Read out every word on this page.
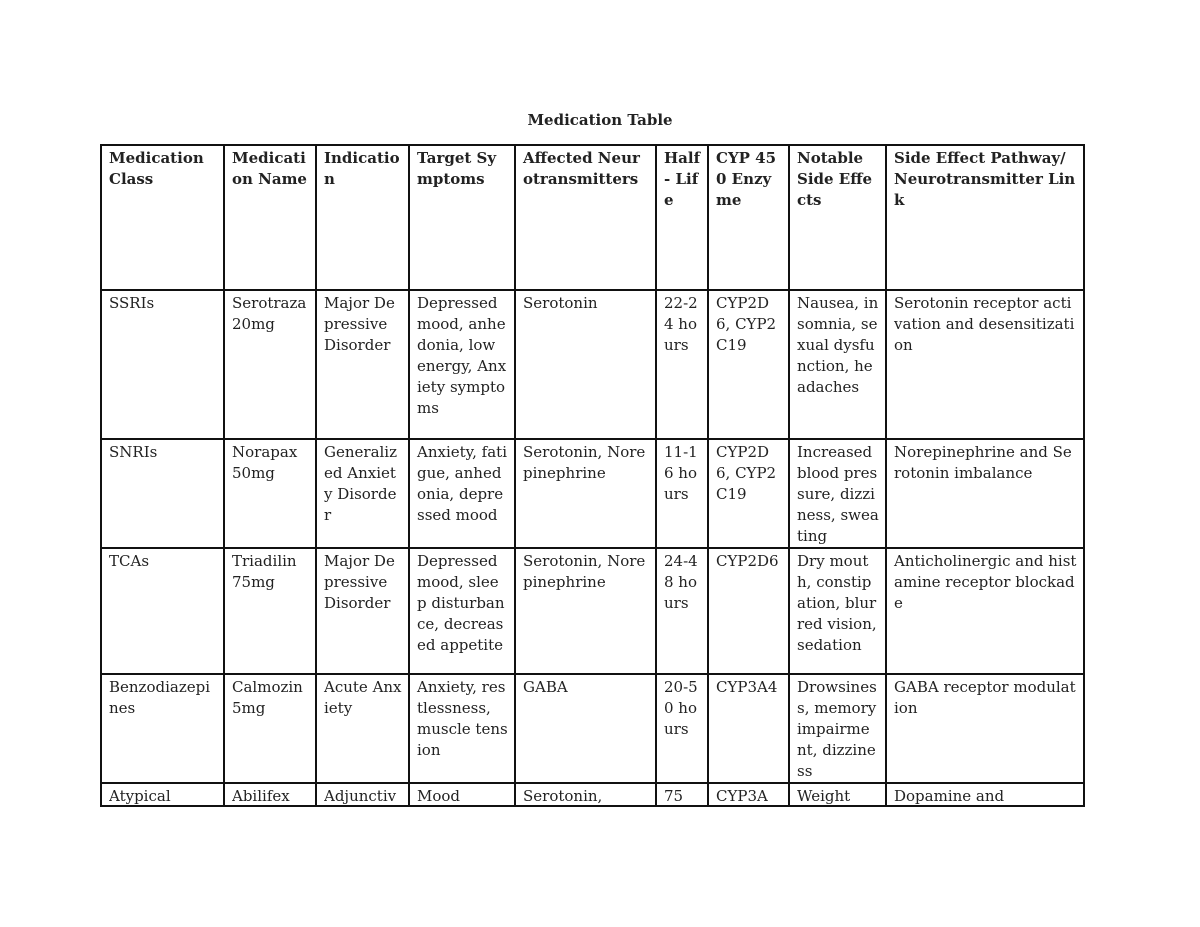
Medication Table
Medication Class	Medication Name	Indication	Target Symptoms	Affected Neurotransmitters	Half - Life	CYP 450 Enzyme	Notable Side Effects	Side Effect Pathway/Neurotransmitter Link
SSRIs	Serotraza 20mg	Major Depressive Disorder	Depressed mood, anhedonia, low energy, Anxiety symptoms	Serotonin	22-24 hours	CYP2D6, CYP2C19	Nausea, insomnia, sexual dysfunction, headaches	Serotonin receptor activation and desensitization
SNRIs	Norapax 50mg	Generalized Anxiety Disorder	Anxiety, fatigue, anhedonia, depressed mood	Serotonin, Norepinephrine	11-16 hours	CYP2D6, CYP2C19	Increased blood pressure, dizziness, sweating	Norepinephrine and Serotonin imbalance
TCAs	Triadilin 75mg	Major Depressive Disorder	Depressed mood, sleep disturbance, decreased appetite	Serotonin, Norepinephrine	24-48 hours	CYP2D6	Dry mouth, constipation, blurred vision, sedation	Anticholinergic and histamine receptor blockade
Benzodiazepines	Calmozin 5mg	Acute Anxiety	Anxiety, restlessness, muscle tension	GABA	20-50 hours	CYP3A4	Drowsiness, memory impairment, dizziness	GABA receptor modulation

Atypical	Abilifex	Adjunctiv	Mood	Serotonin,	75	CYP3A	Weight	Dopamine and
